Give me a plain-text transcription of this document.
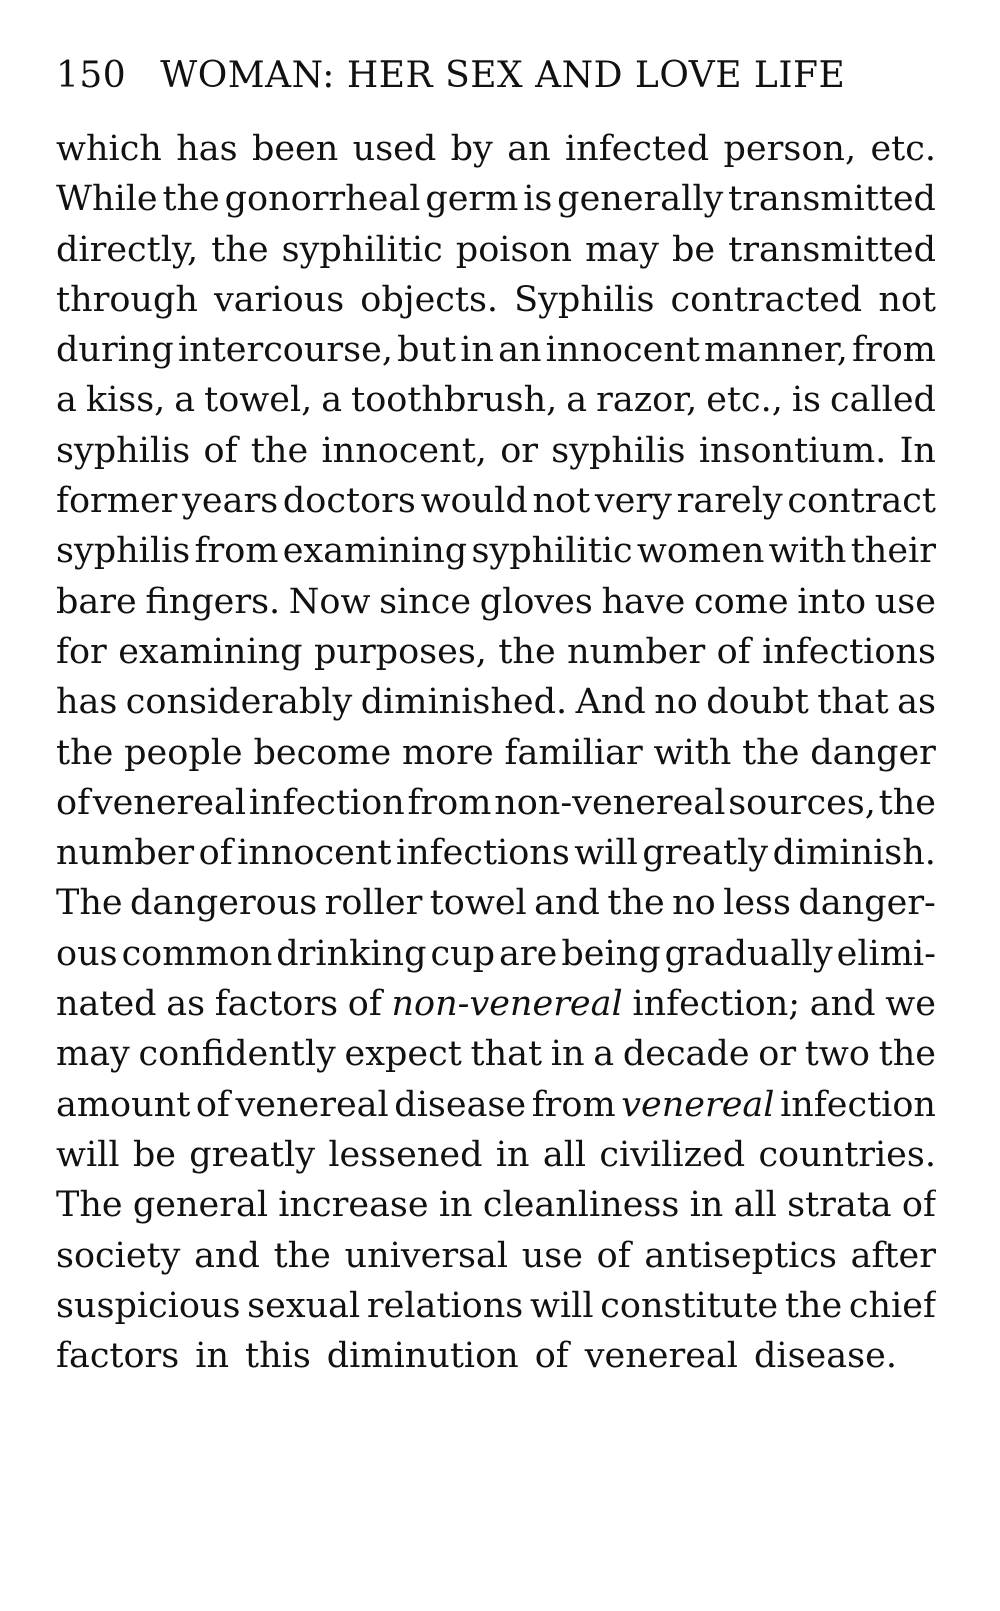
150 WOMAN: HER SEX AND LOVE LIFE
which has been used by an infected person, etc.
While the gonorrheal germ is generally transmitted
directly, the syphilitic poison may be transmitted
through various objects. Syphilis contracted not
during intercourse, but in an innocent manner, from
a kiss, a towel, a toothbrush, a razor, etc., is called
syphilis of the innocent, or syphilis insontium. In
former years doctors would not very rarely contract
syphilis from examining syphilitic women with their
bare fingers. Now since gloves have come into use
for examining purposes, the number of infections
has considerably diminished. And no doubt that as
the people become more familiar with the danger
of venereal infection from non-venereal sources, the
number of innocent infections will greatly diminish.
The dangerous roller towel and the no less danger-
ous common drinking cup are being gradually elimi-
nated as factors of non-venereal infection; and we
may confidently expect that in a decade or two the
amount of venereal disease from venereal infection
will be greatly lessened in all civilized countries.
The general increase in cleanliness in all strata of
society and the universal use of antiseptics after
suspicious sexual relations will constitute the chief
factors in this diminution of venereal disease.
